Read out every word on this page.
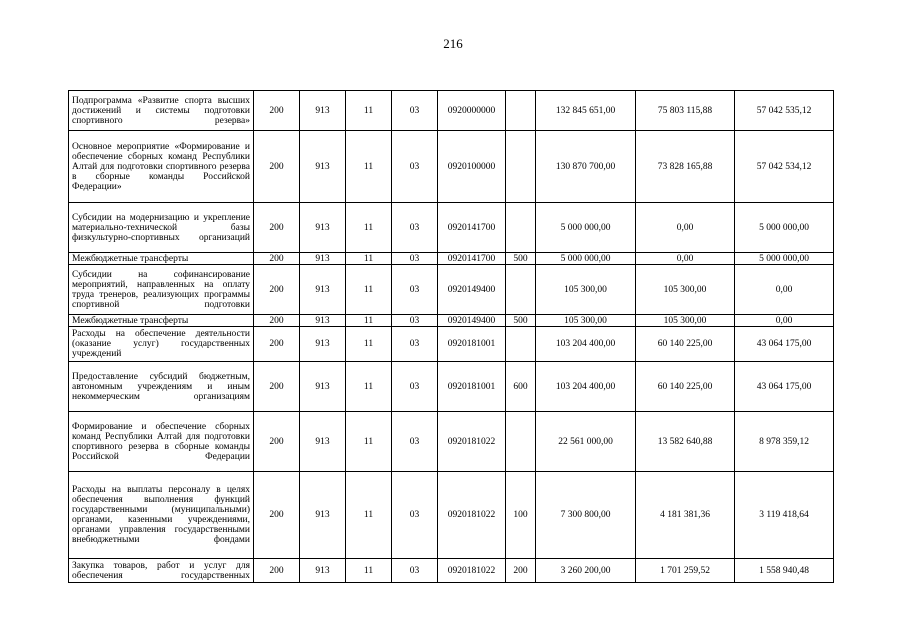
216
Подпрограмма «Развитие спорта высших достижений и системы подготовки спортивного резерва»	200	913	11	03	0920000000		132 845 651,00	75 803 115,88	57 042 535,12
Основное мероприятие «Формирование и обеспечение сборных команд Республики Алтай для подготовки спортивного резерва в сборные команды Российской Федерации»	200	913	11	03	0920100000		130 870 700,00	73 828 165,88	57 042 534,12
Субсидии на модернизацию и укрепление материально-технической базы физкультурно-спортивных организаций	200	913	11	03	0920141700		5 000 000,00	0,00	5 000 000,00
Межбюджетные трансферты	200	913	11	03	0920141700	500	5 000 000,00	0,00	5 000 000,00
Субсидии на софинансирование мероприятий, направленных на оплату труда тренеров, реализующих программы спортивной подготовки	200	913	11	03	0920149400		105 300,00	105 300,00	0,00
Межбюджетные трансферты	200	913	11	03	0920149400	500	105 300,00	105 300,00	0,00
Расходы на обеспечение деятельности (оказание услуг) государственных учреждений	200	913	11	03	0920181001		103 204 400,00	60 140 225,00	43 064 175,00
Предоставление субсидий бюджетным, автономным учреждениям и иным некоммерческим организациям	200	913	11	03	0920181001	600	103 204 400,00	60 140 225,00	43 064 175,00
Формирование и обеспечение сборных команд Республики Алтай для подготовки спортивного резерва в сборные команды Российской Федерации	200	913	11	03	0920181022		22 561 000,00	13 582 640,88	8 978 359,12
Расходы на выплаты персоналу в целях обеспечения выполнения функций государственными (муниципальными) органами, казенными учреждениями, органами управления государственными внебюджетными фондами	200	913	11	03	0920181022	100	7 300 800,00	4 181 381,36	3 119 418,64
Закупка товаров, работ и услуг для обеспечения государственных	200	913	11	03	0920181022	200	3 260 200,00	1 701 259,52	1 558 940,48
